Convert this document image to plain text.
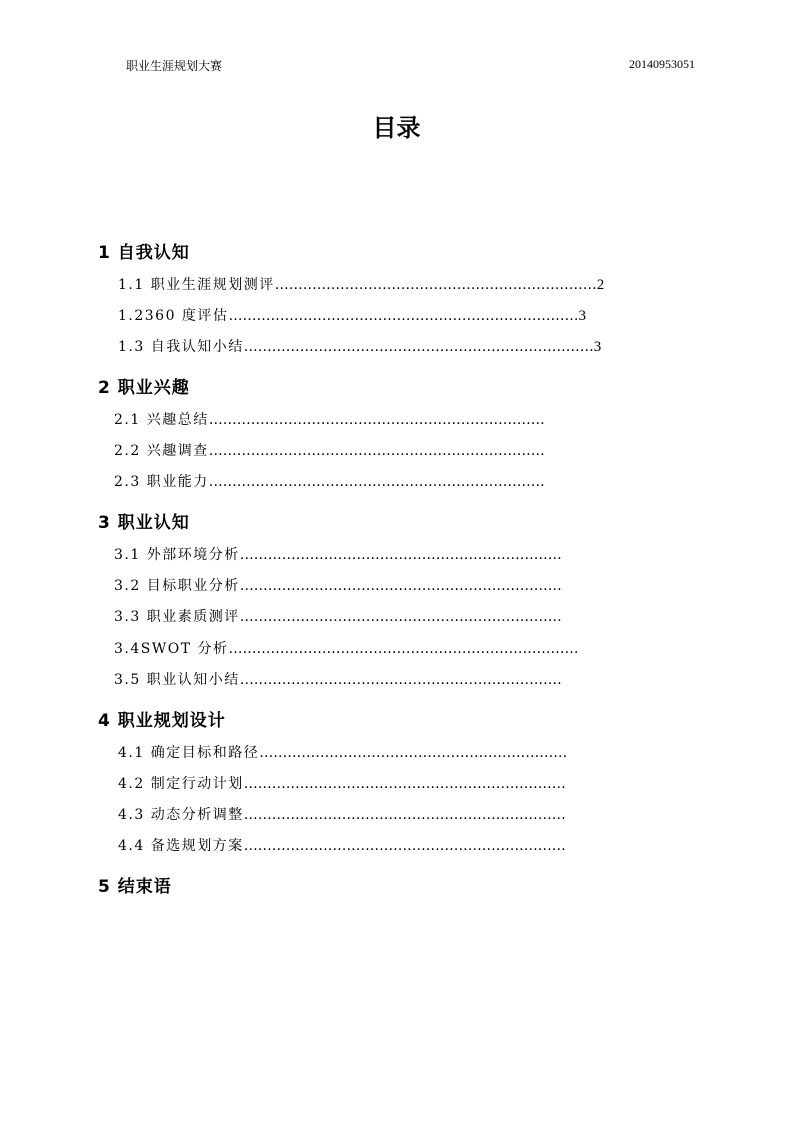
职业生涯规划大赛	20140953051
目录
1 自我认知
1.1 职业生涯规划测评……………………………………………………………2
1.2360 度评估…………………………………………………………………3
1.3 自我认知小结…………………………………………………………………3
2 职业兴趣
2.1 兴趣总结………………………………………………………………
2.2 兴趣调查………………………………………………………………
2.3 职业能力………………………………………………………………
3 职业认知
3.1 外部环境分析……………………………………………………………
3.2 目标职业分析……………………………………………………………
3.3 职业素质测评……………………………………………………………
3.4SWOT 分析…………………………………………………………………
3.5 职业认知小结……………………………………………………………
4 职业规划设计
4.1 确定目标和路径…………………………………………………………
4.2 制定行动计划……………………………………………………………
4.3 动态分析调整……………………………………………………………
4.4 备选规划方案……………………………………………………………
5 结束语
